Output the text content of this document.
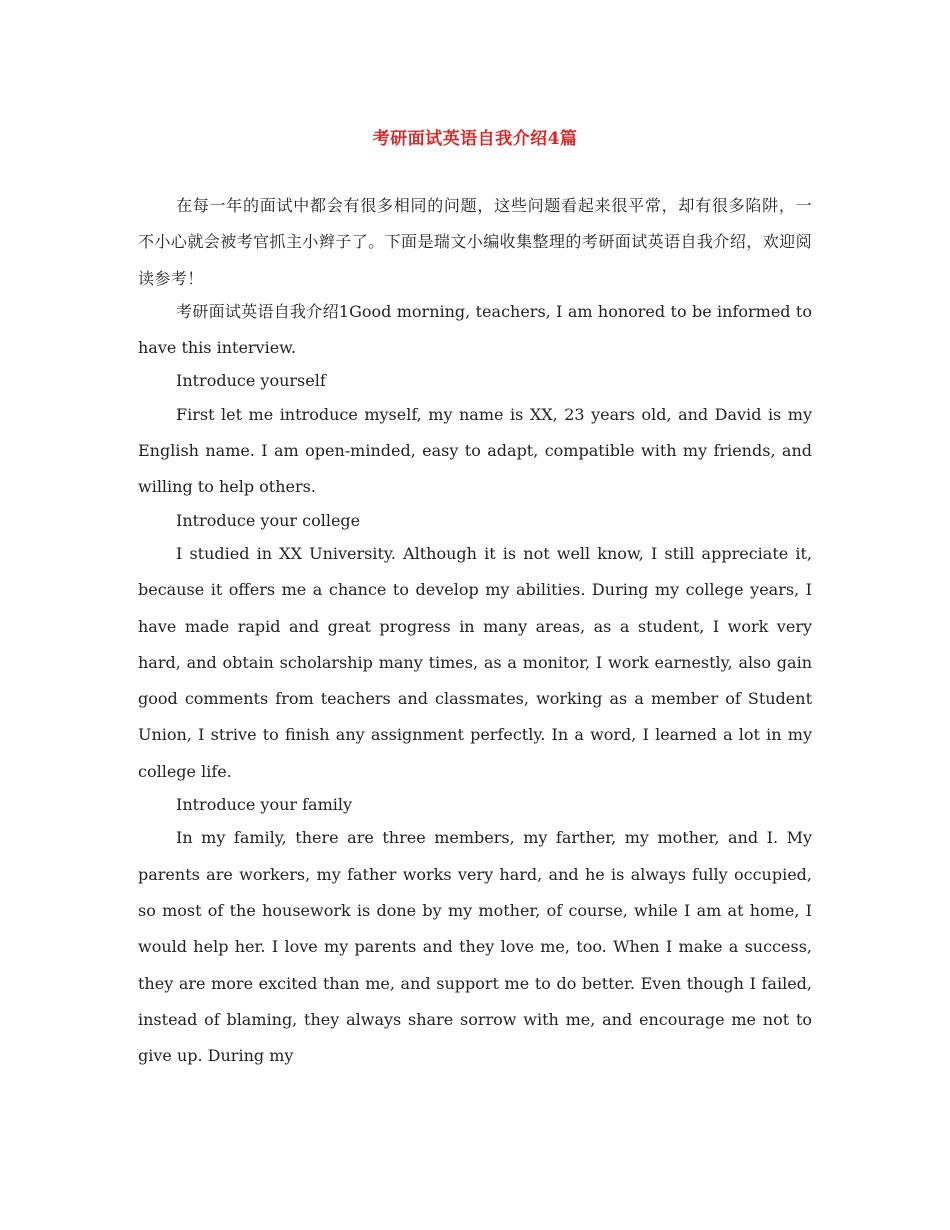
考研面试英语自我介绍4篇

在每一年的面试中都会有很多相同的问题，这些问题看起来很平常，却有很多陷阱，一不小心就会被考官抓主小辫子了。下面是瑞文小编收集整理的考研面试英语自我介绍，欢迎阅读参考！

考研面试英语自我介绍1Good morning, teachers, I am honored to be informed to have this interview.

Introduce yourself

First let me introduce myself, my name is XX, 23 years old, and David is my English name. I am open-minded, easy to adapt, compatible with my friends, and willing to help others.

Introduce your college

I studied in XX University. Although it is not well know, I still appreciate it, because it offers me a chance to develop my abilities. During my college years, I have made rapid and great progress in many areas, as a student, I work very hard, and obtain scholarship many times, as a monitor, I work earnestly, also gain good comments from teachers and classmates, working as a member of Student Union, I strive to finish any assignment perfectly. In a word, I learned a lot in my college life.

Introduce your family

In my family, there are three members, my farther, my mother, and I. My parents are workers, my father works very hard, and he is always fully occupied, so most of the housework is done by my mother, of course, while I am at home, I would help her. I love my parents and they love me, too. When I make a success, they are more excited than me, and support me to do better. Even though I failed, instead of blaming, they always share sorrow with me, and encourage me not to give up. During my
